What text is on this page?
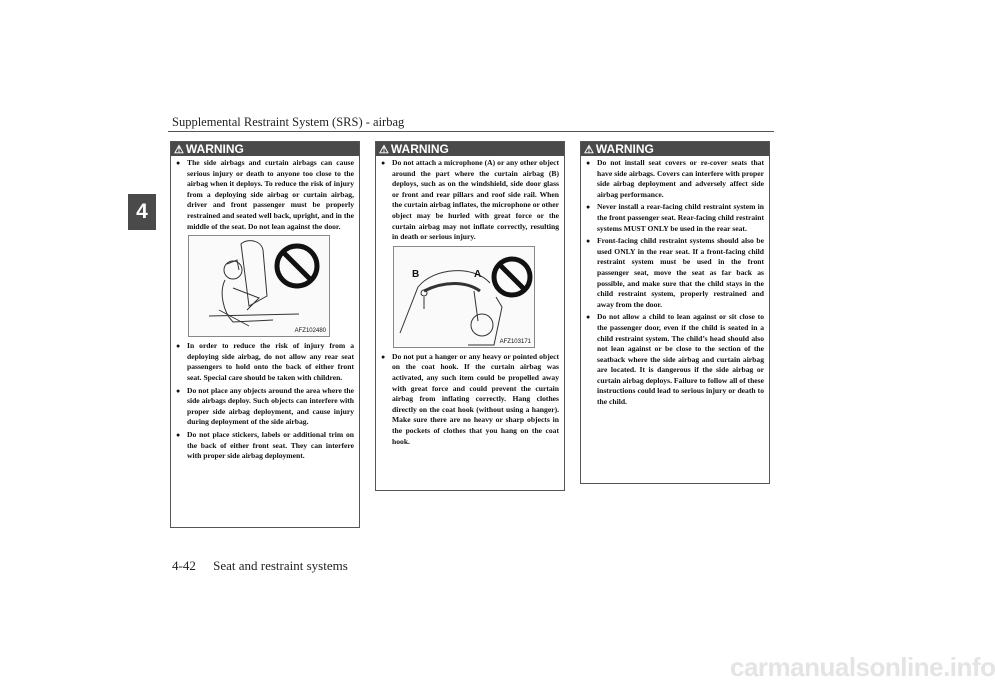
Supplemental Restraint System (SRS) - airbag
4
⚠ WARNING
● The side airbags and curtain airbags can cause serious injury or death to anyone too close to the airbag when it deploys. To reduce the risk of injury from a deploying side airbag or curtain airbag, driver and front passenger must be properly restrained and seated well back, upright, and in the middle of the seat. Do not lean against the door.
AFZ102480
● In order to reduce the risk of injury from a deploying side airbag, do not allow any rear seat passengers to hold onto the back of either front seat. Special care should be taken with children.
● Do not place any objects around the area where the side airbags deploy. Such objects can interfere with proper side airbag deployment, and cause injury during deployment of the side airbag.
● Do not place stickers, labels or additional trim on the back of either front seat. They can interfere with proper side airbag deployment.
⚠ WARNING
● Do not attach a microphone (A) or any other object around the part where the curtain airbag (B) deploys, such as on the windshield, side door glass or front and rear pillars and roof side rail. When the curtain airbag inflates, the microphone or other object may be hurled with great force or the curtain airbag may not inflate correctly, resulting in death or serious injury.
B	A
AFZ103171
● Do not put a hanger or any heavy or pointed object on the coat hook. If the curtain airbag was activated, any such item could be propelled away with great force and could prevent the curtain airbag from inflating correctly. Hang clothes directly on the coat hook (without using a hanger). Make sure there are no heavy or sharp objects in the pockets of clothes that you hang on the coat hook.
⚠ WARNING
● Do not install seat covers or re-cover seats that have side airbags. Covers can interfere with proper side airbag deployment and adversely affect side airbag performance.
● Never install a rear-facing child restraint system in the front passenger seat. Rear-facing child restraint systems MUST ONLY be used in the rear seat.
● Front-facing child restraint systems should also be used ONLY in the rear seat. If a front-facing child restraint system must be used in the front passenger seat, move the seat as far back as possible, and make sure that the child stays in the child restraint system, properly restrained and away from the door.
● Do not allow a child to lean against or sit close to the passenger door, even if the child is seated in a child restraint system. The child’s head should also not lean against or be close to the section of the seatback where the side airbag and curtain airbag are located. It is dangerous if the side airbag or curtain airbag deploys. Failure to follow all of these instructions could lead to serious injury or death to the child.
4-42 Seat and restraint systems
carmanualsonline.info
